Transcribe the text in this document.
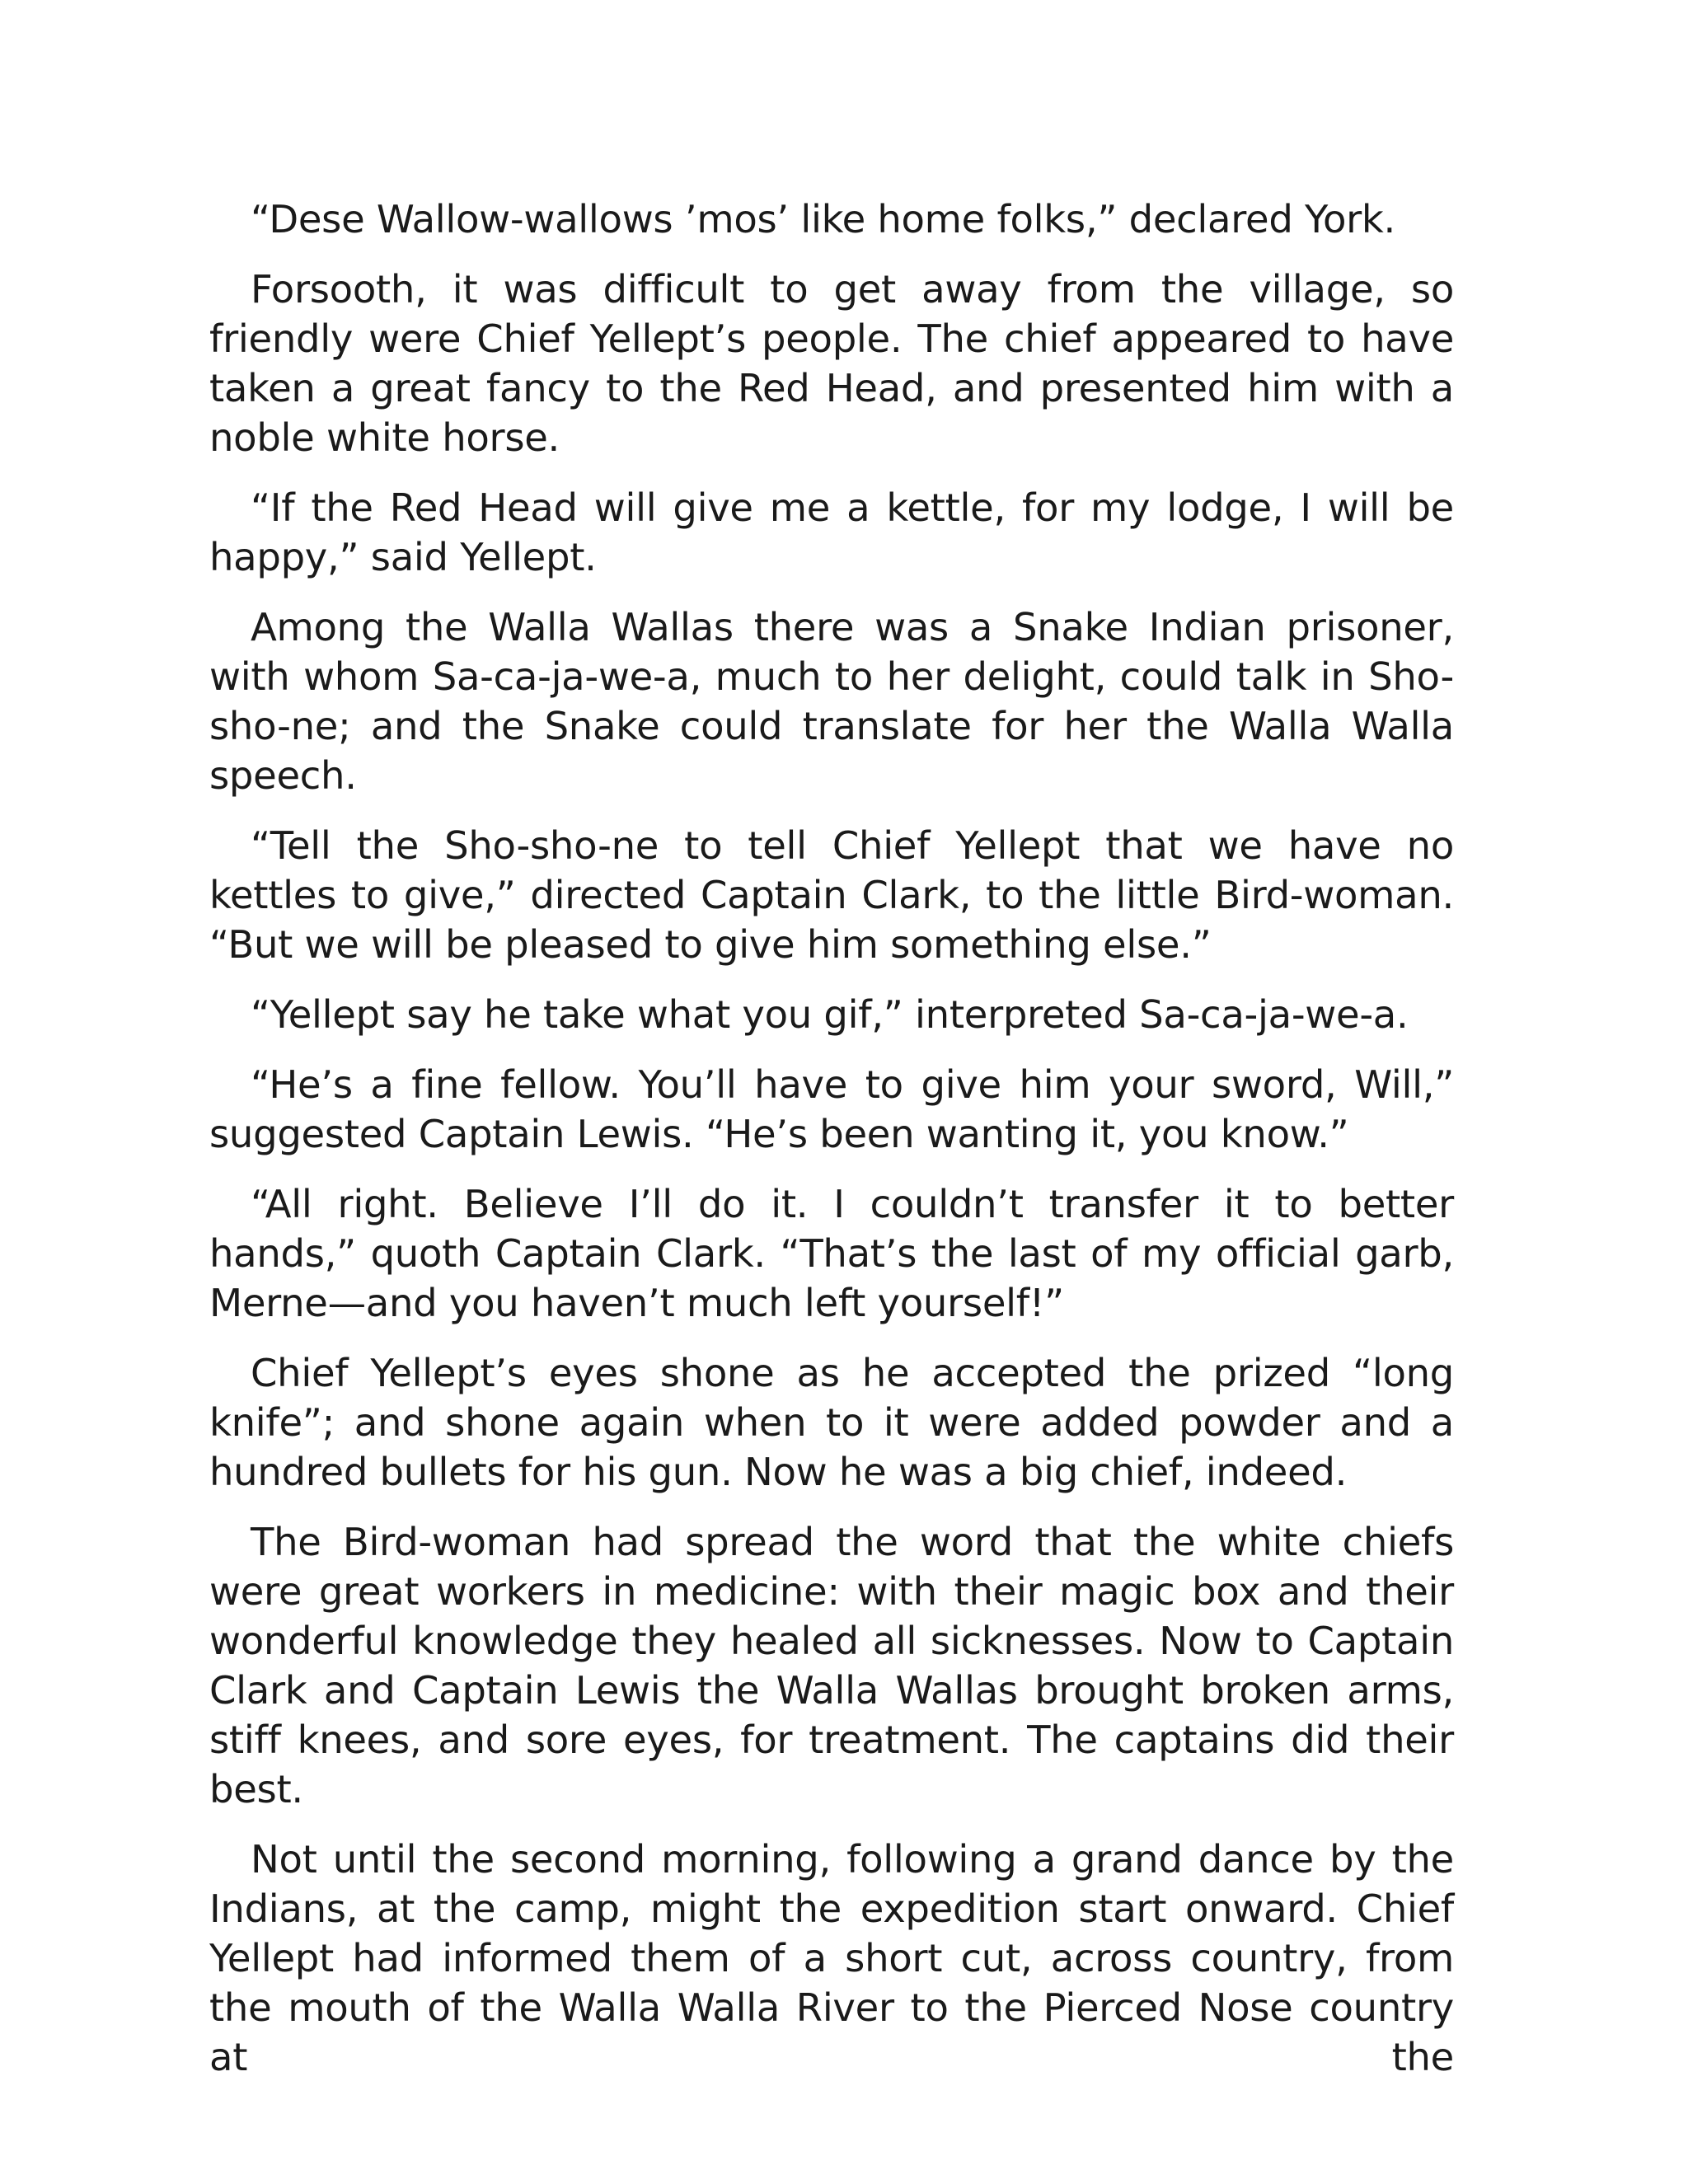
“Dese Wallow-wallows ’mos’ like home folks,” declared York.

Forsooth, it was difficult to get away from the village, so friendly were Chief Yellept’s people. The chief appeared to have taken a great fancy to the Red Head, and presented him with a noble white horse.

“If the Red Head will give me a kettle, for my lodge, I will be happy,” said Yellept.

Among the Walla Wallas there was a Snake Indian prisoner, with whom Sa-ca-ja-we-a, much to her delight, could talk in Sho-sho-ne; and the Snake could translate for her the Walla Walla speech.

“Tell the Sho-sho-ne to tell Chief Yellept that we have no kettles to give,” directed Captain Clark, to the little Bird-woman. “But we will be pleased to give him something else.”

“Yellept say he take what you gif,” interpreted Sa-ca-ja-we-a.

“He’s a fine fellow. You’ll have to give him your sword, Will,” suggested Captain Lewis. “He’s been wanting it, you know.”

“All right. Believe I’ll do it. I couldn’t transfer it to better hands,” quoth Captain Clark. “That’s the last of my official garb, Merne—and you haven’t much left yourself!”

Chief Yellept’s eyes shone as he accepted the prized “long knife”; and shone again when to it were added powder and a hundred bullets for his gun. Now he was a big chief, indeed.

The Bird-woman had spread the word that the white chiefs were great workers in medicine: with their magic box and their wonderful knowledge they healed all sicknesses. Now to Captain Clark and Captain Lewis the Walla Wallas brought broken arms, stiff knees, and sore eyes, for treatment. The captains did their best.

Not until the second morning, following a grand dance by the Indians, at the camp, might the expedition start onward. Chief Yellept had informed them of a short cut, across country, from the mouth of the Walla Walla River to the Pierced Nose country at the
